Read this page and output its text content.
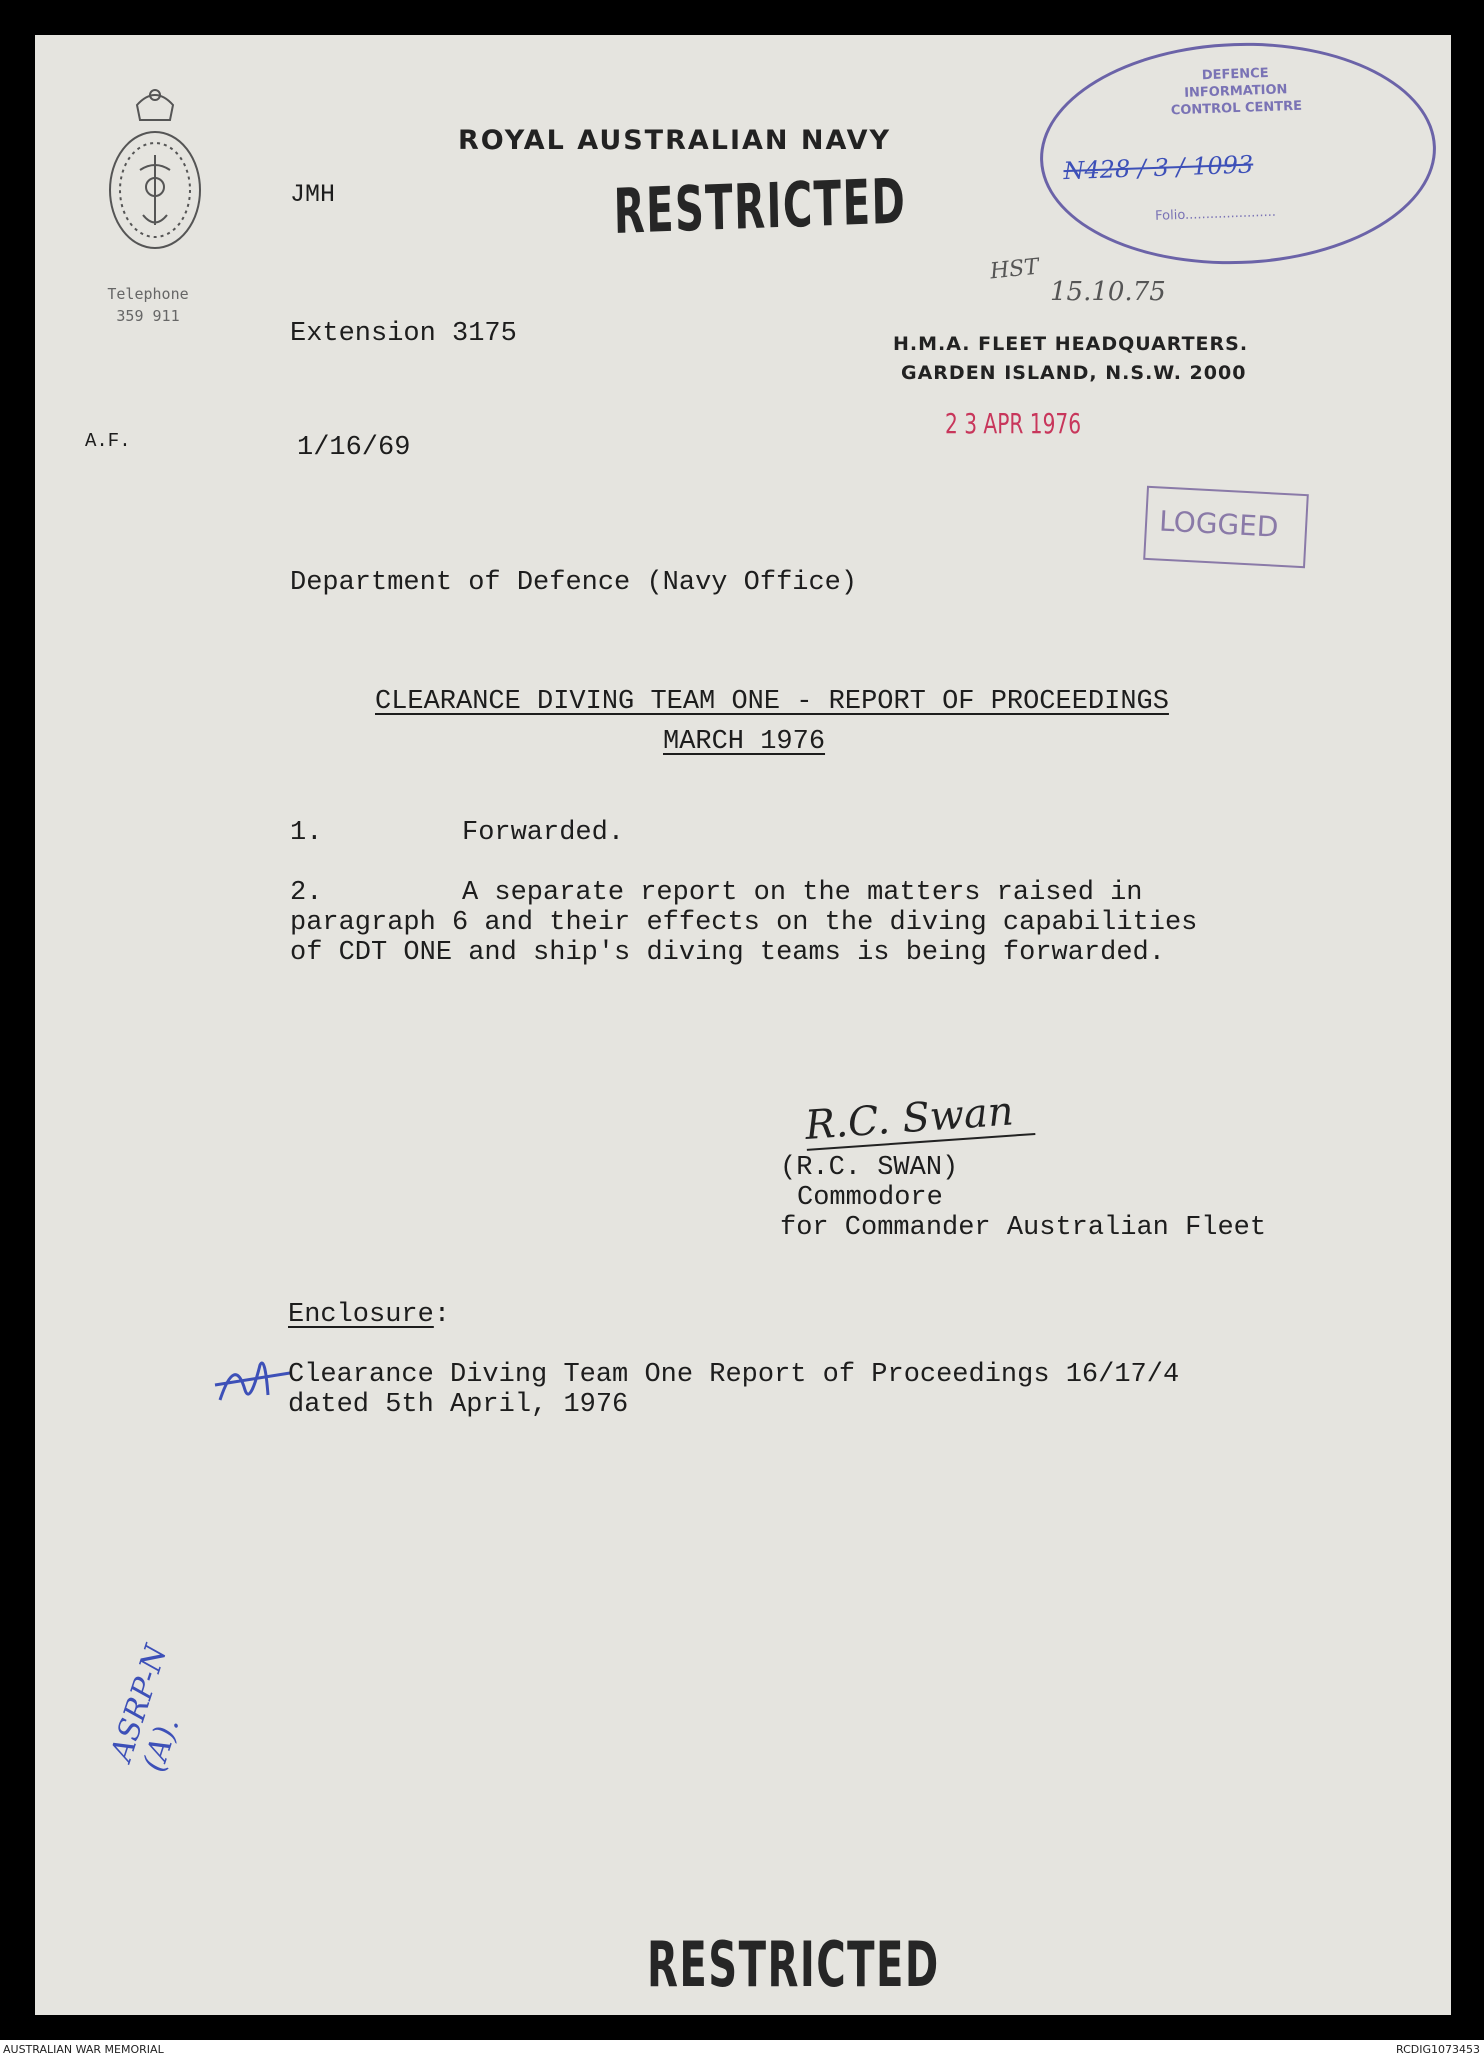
ROYAL AUSTRALIAN NAVY
RESTRICTED
JMH
Telephone
359 911
Extension 3175	H.M.A. FLEET HEADQUARTERS.
GARDEN ISLAND, N.S.W. 2000
A.F.	1/16/69
DEFENCE
INFORMATION
CONTROL CENTRE
N428 / 3 / 1093
Folio......................
HST
15.10.75
2 3 APR 1976
LOGGED
Department of Defence (Navy Office)
CLEARANCE DIVING TEAM ONE - REPORT OF PROCEEDINGS
MARCH 1976
1.	Forwarded.
2.	A separate report on the matters raised in
paragraph 6 and their effects on the diving capabilities
of CDT ONE and ship's diving teams is being forwarded.
R.C. Swan
(R.C. SWAN)
Commodore
for Commander Australian Fleet
Enclosure:
Clearance Diving Team One Report of Proceedings 16/17/4
dated 5th April, 1976
ASRP-N (A).
RESTRICTED
AUSTRALIAN WAR MEMORIAL	RCDIG1073453
